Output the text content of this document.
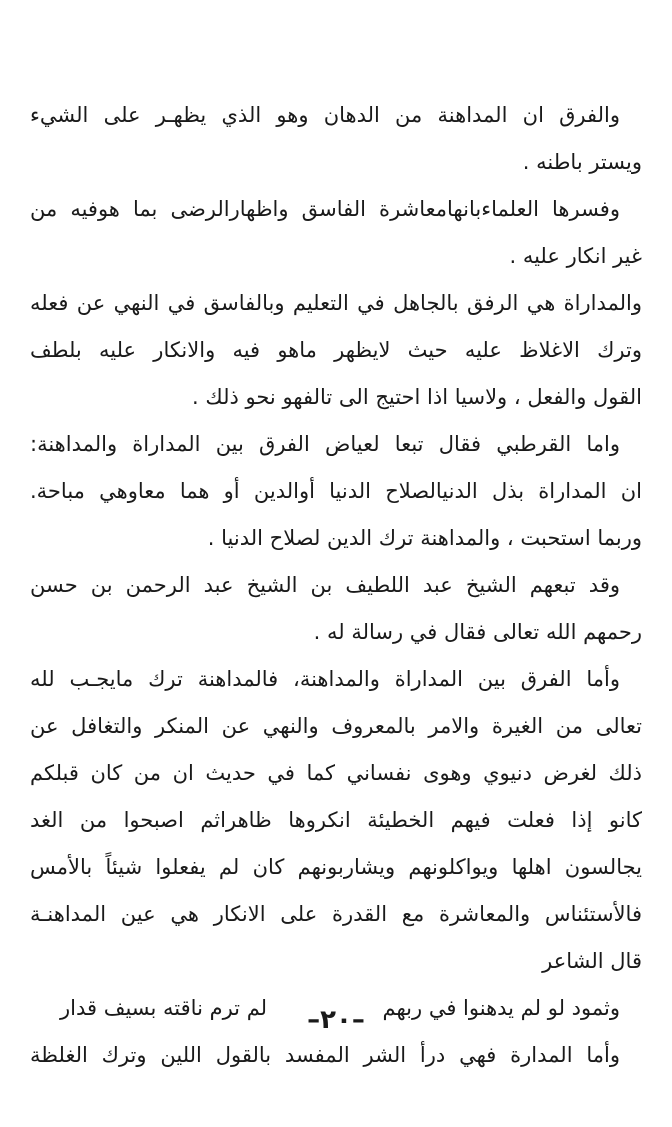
والفرق ان المداهنة من الدهان وهو الذي يظهـر على الشيء
ويستر باطنه .
وفسرها العلماءبانهامعاشرة الفاسق واظهارالرضى بما هوفيه من
غير انكار عليه .
والمداراة هي الرفق بالجاهل في التعليم وبالفاسق في النهي عن فعله
وترك الاغلاظ عليه حيث لايظهر ماهو فيه والانكار عليه بلطف
القول والفعل ، ولاسيا اذا احتيج الى تالفهو نحو ذلك .
واما القرطبي فقال تبعا لعياض الفرق بين المداراة والمداهنة:
ان المداراة بذل الدنيالصلاح الدنيا أوالدين أو هما معاوهي مباحة.
وربما استحبت ، والمداهنة ترك الدين لصلاح الدنيا .
وقد تبعهم الشيخ عبد اللطيف بن الشيخ عبد الرحمن بن حسن
رحمهم الله تعالى فقال في رسالة له .
وأما الفرق بين المداراة والمداهنة، فالمداهنة ترك مايجـب لله
تعالى من الغيرة والامر بالمعروف والنهي عن المنكر والتغافل عن
ذلك لغرض دنيوي وهوى نفساني كما في حديث ان من كان قبلكم
كانو إذا فعلت فيهم الخطيئة انكروها ظاهراثم اصبحوا من الغد
يجالسون اهلها ويواكلونهم ويشاربونهم كان لم يفعلوا شيئاً بالأمس
فالأستئناس والمعاشرة مع القدرة على الانكار هي عين المداهنـة
قال الشاعر
وثمود لو لم يدهنوا في ربهم
لم ترم ناقته بسيف قدار
وأما المدارة فهي درأ الشر المفسد بالقول اللين وترك الغلظة
–٢٠–
